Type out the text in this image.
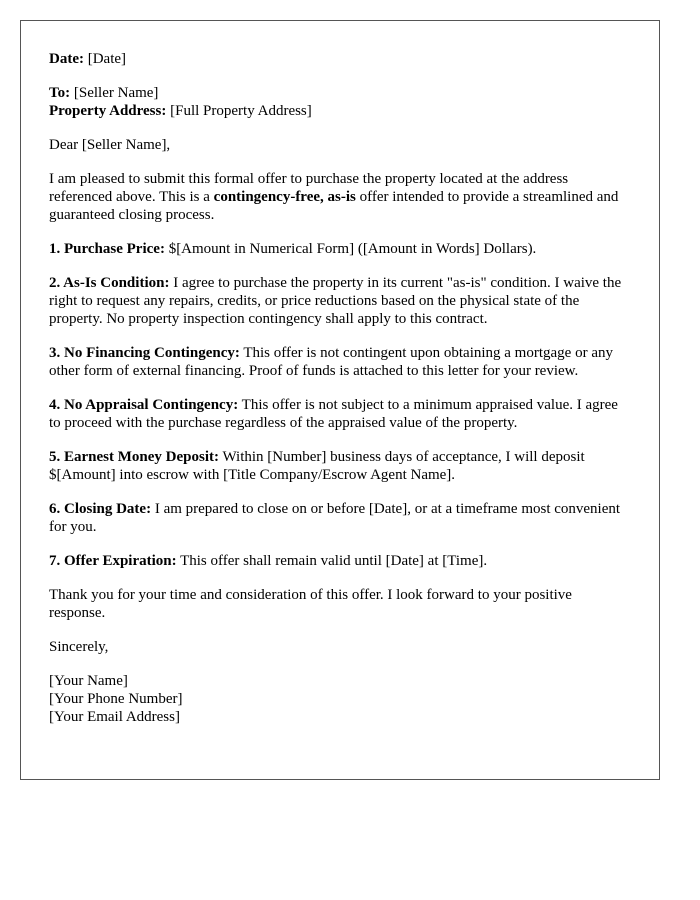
Date: [Date]

To: [Seller Name]

Property Address: [Full Property Address]

Dear [Seller Name],

I am pleased to submit this formal offer to purchase the property located at the address referenced above. This is a contingency-free, as-is offer intended to provide a streamlined and guaranteed closing process.

1. Purchase Price: $[Amount in Numerical Form] ([Amount in Words] Dollars).

2. As-Is Condition: I agree to purchase the property in its current "as-is" condition. I waive the right to request any repairs, credits, or price reductions based on the physical state of the property. No property inspection contingency shall apply to this contract.

3. No Financing Contingency: This offer is not contingent upon obtaining a mortgage or any other form of external financing. Proof of funds is attached to this letter for your review.

4. No Appraisal Contingency: This offer is not subject to a minimum appraised value. I agree to proceed with the purchase regardless of the appraised value of the property.

5. Earnest Money Deposit: Within [Number] business days of acceptance, I will deposit $[Amount] into escrow with [Title Company/Escrow Agent Name].

6. Closing Date: I am prepared to close on or before [Date], or at a timeframe most convenient for you.

7. Offer Expiration: This offer shall remain valid until [Date] at [Time].

Thank you for your time and consideration of this offer. I look forward to your positive response.

Sincerely,

[Your Name]
[Your Phone Number]
[Your Email Address]
